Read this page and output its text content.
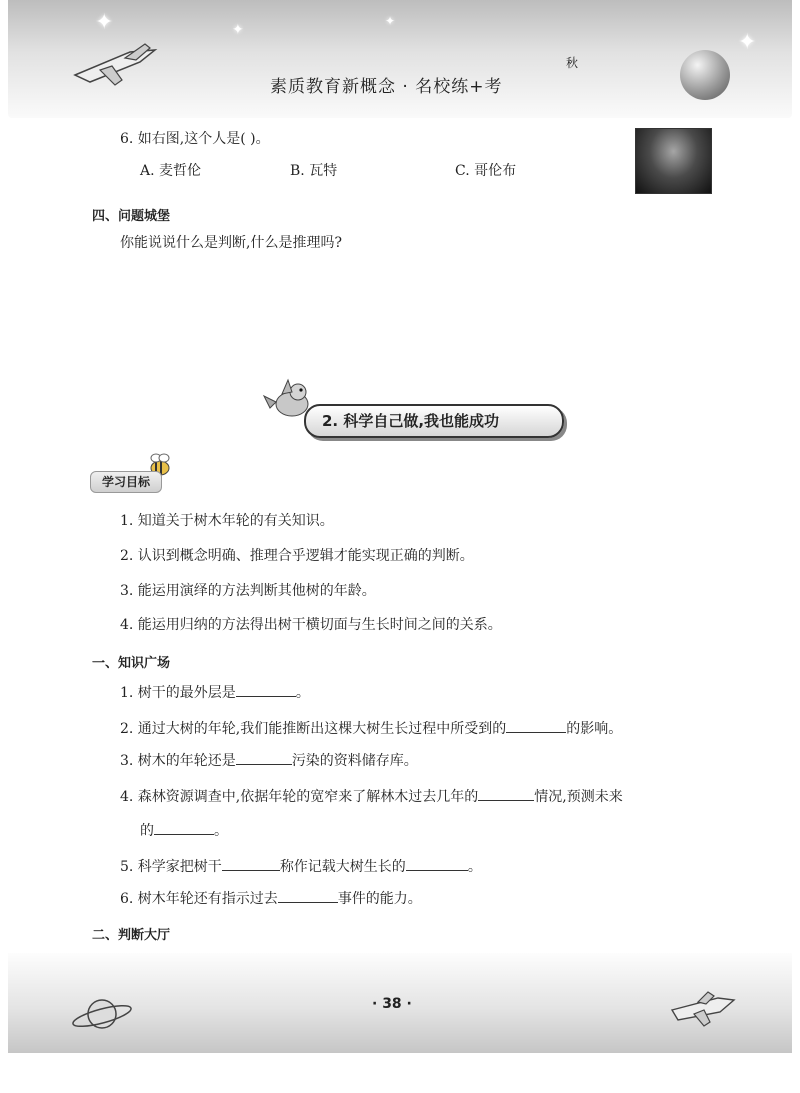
✦	✦
✦
✦
素质教育新概念 · 名校练+考
秋
6. 如右图,这个人是( )。
A. 麦哲伦	B. 瓦特	C. 哥伦布
四、问题城堡
你能说说什么是判断,什么是推理吗?
2. 科学自己做,我也能成功
学习目标
1. 知道关于树木年轮的有关知识。
2. 认识到概念明确、推理合乎逻辑才能实现正确的判断。
3. 能运用演绎的方法判断其他树的年龄。
4. 能运用归纳的方法得出树干横切面与生长时间之间的关系。
一、知识广场
1. 树干的最外层是	。
2. 通过大树的年轮,我们能推断出这棵大树生长过程中所受到的	的影响。
3. 树木的年轮还是	污染的资料储存库。
4. 森林资源调查中,依据年轮的宽窄来了解林木过去几年的	情况,预测未来
的	。
5. 科学家把树干	称作记载大树生长的	。
6. 树木年轮还有指示过去	事件的能力。
二、判断大厅
· 38 ·
